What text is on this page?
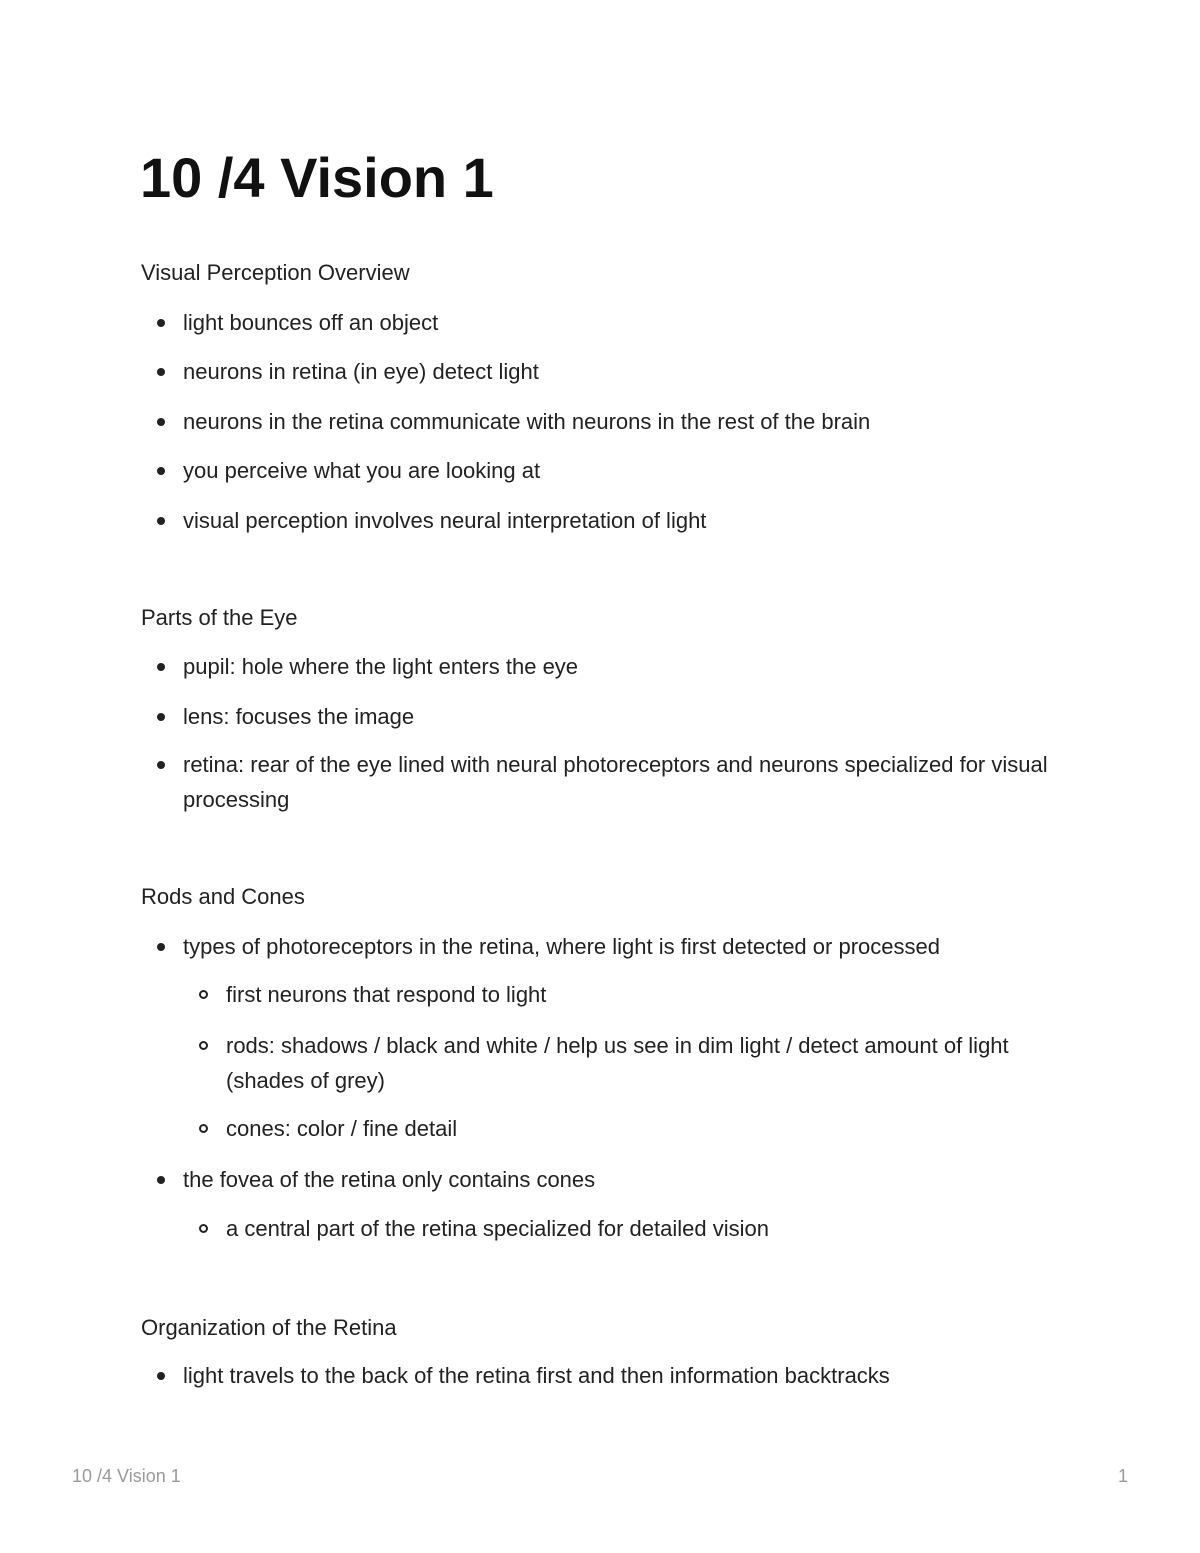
10 /4 Vision 1
Visual Perception Overview
light bounces off an object
neurons in retina (in eye) detect light
neurons in the retina communicate with neurons in the rest of the brain
you perceive what you are looking at
visual perception involves neural interpretation of light
Parts of the Eye
pupil: hole where the light enters the eye
lens: focuses the image
retina: rear of the eye lined with neural photoreceptors and neurons specialized for visual processing
Rods and Cones
types of photoreceptors in the retina, where light is first detected or processed
first neurons that respond to light
rods: shadows / black and white / help us see in dim light / detect amount of light (shades of grey)
cones: color / fine detail
the fovea of the retina only contains cones
a central part of the retina specialized for detailed vision
Organization of the Retina
light travels to the back of the retina first and then information backtracks
10 /4 Vision 1	1
